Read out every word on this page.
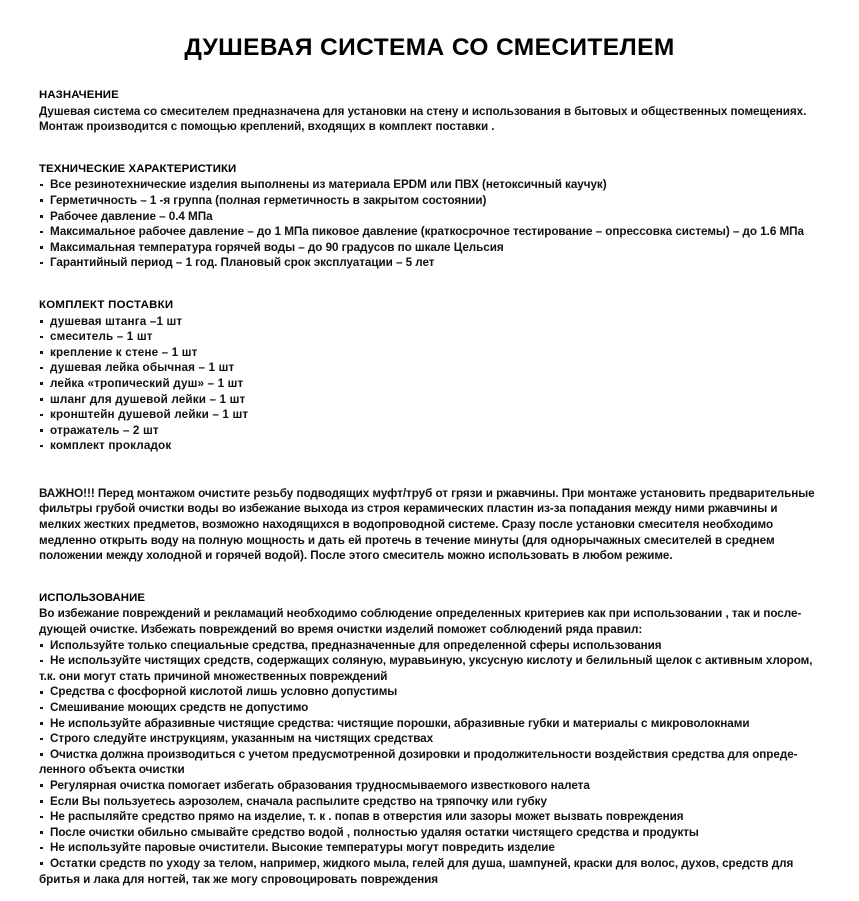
ДУШЕВАЯ СИСТЕМА СО СМЕСИТЕЛЕМ
НАЗНАЧЕНИЕ

Душевая система со смесителем предназначена для установки на стену и использования в бытовых и общественных помещениях.
Монтаж производится с помощью креплений, входящих в комплект поставки .

ТЕХНИЧЕСКИЕ ХАРАКТЕРИСТИКИ
Все резинотехнические изделия выполнены из материала EPDM или ПВХ (нетоксичный каучук)
Герметичность – 1 -я группа (полная герметичность в закрытом состоянии)
Рабочее давление – 0.4 МПа
Максимальное рабочее давление – до 1 МПа пиковое давление (краткосрочное тестирование – опрессовка системы) – до 1.6 МПа
Максимальная температура горячей воды – до 90 градусов по шкале Цельсия
Гарантийный период – 1 год. Плановый срок эксплуатации – 5 лет
КОМПЛЕКТ ПОСТАВКИ
душевая штанга –1 шт
смеситель – 1 шт
крепление к стене – 1 шт
душевая лейка обычная – 1 шт
лейка «тропический душ» – 1 шт
шланг для душевой лейки – 1 шт
кронштейн душевой лейки – 1 шт
отражатель – 2 шт
комплект прокладок

ВАЖНО!!! Перед монтажом очистите резьбу подводящих муфт/труб от грязи и ржавчины. При монтаже установить предварительные
фильтры грубой очистки воды во избежание выхода из строя керамических пластин из-за попадания между ними ржавчины и
мелких жестких предметов, возможно находящихся в водопроводной системе. Сразу после установки смесителя необходимо
медленно открыть воду на полную мощность и дать ей протечь в течение минуты (для однорычажных смесителей в среднем
положении между холодной и горячей водой). После этого смеситель можно использовать в любом режиме.

ИСПОЛЬЗОВАНИЕ

Во избежание повреждений и рекламаций необходимо соблюдение определенных критериев как при использовании , так и после-
дующей очистке. Избежать повреждений во время очистки изделий поможет соблюдений ряда правил:

Используйте только специальные средства, предназначенные для определенной сферы использования
Не используйте чистящих средств, содержащих соляную, муравьиную, уксусную кислоту и белильный щелок с активным хлором,
т.к. они могут стать причиной множественных повреждений
Средства с фосфорной кислотой лишь условно допустимы
Смешивание моющих средств не допустимо
Не используйте абразивные чистящие средства: чистящие порошки, абразивные губки и материалы с микроволокнами
Строго следуйте инструкциям, указанным на чистящих средствах
Очистка должна производиться с учетом предусмотренной дозировки и продолжительности воздействия средства для опреде-
ленного объекта очистки
Регулярная очистка помогает избегать образования трудносмываемого известкового налета
Если Вы пользуетесь аэрозолем, сначала распылите средство на тряпочку или губку
Не распыляйте средство прямо на изделие, т. к . попав в отверстия или зазоры может вызвать повреждения
После очистки обильно смывайте средство водой , полностью удаляя остатки чистящего средства и продукты
Не используйте паровые очистители. Высокие температуры могут повредить изделие
Остатки средств по уходу за телом, например, жидкого мыла, гелей для душа, шампуней, краски для волос, духов, средств для
бритья и лака для ногтей, так же могу спровоцировать повреждения
